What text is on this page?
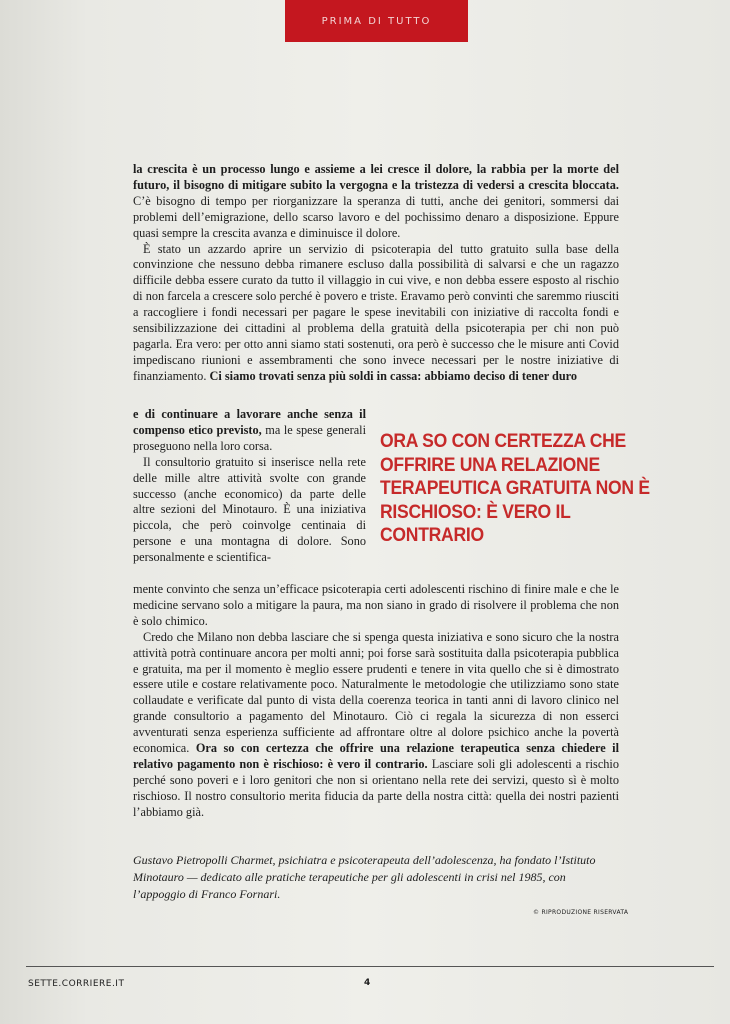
PRIMA DI TUTTO

la crescita è un processo lungo e assieme a lei cresce il dolore, la rabbia per la morte del futuro, il bisogno di mitigare subito la vergogna e la tristezza di vedersi a crescita bloccata. C’è bisogno di tempo per riorganizzare la speranza di tutti, anche dei genitori, sommersi dai problemi dell’emigrazione, dello scarso lavoro e del pochissimo denaro a disposizione. Eppure quasi sempre la crescita avanza e diminuisce il dolore.

È stato un azzardo aprire un servizio di psicoterapia del tutto gratuito sulla base della convinzione che nessuno debba rimanere escluso dalla possibilità di salvarsi e che un ragazzo difficile debba essere curato da tutto il villaggio in cui vive, e non debba essere esposto al rischio di non farcela a crescere solo perché è povero e triste. Eravamo però convinti che saremmo riusciti a raccogliere i fondi necessari per pagare le spese inevitabili con iniziative di raccolta fondi e sensibilizzazione dei cittadini al problema della gratuità della psicoterapia per chi non può pagarla. Era vero: per otto anni siamo stati sostenuti, ora però è successo che le misure anti Covid impediscano riunioni e assembramenti che sono invece necessari per le nostre iniziative di finanziamento. Ci siamo trovati senza più soldi in cassa: abbiamo deciso di tener duro

e di continuare a lavorare anche senza il compenso etico previsto, ma le spese generali proseguono nella loro corsa.

Il consultorio gratuito si inserisce nella rete delle mille altre attività svolte con grande successo (anche economico) da parte delle altre sezioni del Minotauro. È una iniziativa piccola, che però coinvolge centinaia di persone e una montagna di dolore. Sono personalmente e scientifica-

ORA SO CON CERTEZZA CHE OFFRIRE UNA RELAZIONE TERAPEUTICA GRATUITA NON È RISCHIOSO: È VERO IL CONTRARIO

mente convinto che senza un’efficace psicoterapia certi adolescenti rischino di finire male e che le medicine servano solo a mitigare la paura, ma non siano in grado di risolvere il problema che non è solo chimico.

Credo che Milano non debba lasciare che si spenga questa iniziativa e sono sicuro che la nostra attività potrà continuare ancora per molti anni; poi forse sarà sostituita dalla psicoterapia pubblica e gratuita, ma per il momento è meglio essere prudenti e tenere in vita quello che si è dimostrato essere utile e costare relativamente poco. Naturalmente le metodologie che utilizziamo sono state collaudate e verificate dal punto di vista della coerenza teorica in tanti anni di lavoro clinico nel grande consultorio a pagamento del Minotauro. Ciò ci regala la sicurezza di non esserci avventurati senza esperienza sufficiente ad affrontare oltre al dolore psichico anche la povertà economica. Ora so con certezza che offrire una relazione terapeutica senza chiedere il relativo pagamento non è rischioso: è vero il contrario. Lasciare soli gli adolescenti a rischio perché sono poveri e i loro genitori che non si orientano nella rete dei servizi, questo sì è molto rischioso. Il nostro consultorio merita fiducia da parte della nostra città: quella dei nostri pazienti l’abbiamo già.

Gustavo Pietropolli Charmet, psichiatra e psicoterapeuta dell’adolescenza, ha fondato l’Istituto Minotauro — dedicato alle pratiche terapeutiche per gli adolescenti in crisi nel 1985, con l’appoggio di Franco Fornari.

© RIPRODUZIONE RISERVATA
SETTE.CORRIERE.IT	4
